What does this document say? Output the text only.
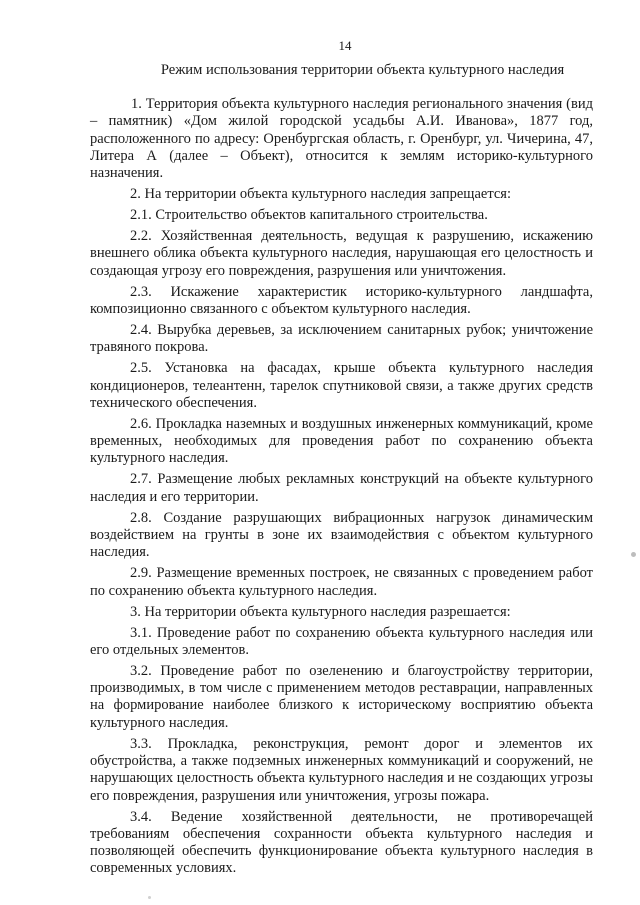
14
Режим использования территории объекта культурного наследия

1. Территория объекта культурного наследия регионального значения (вид – памятник) «Дом жилой городской усадьбы А.И. Иванова», 1877 год, расположенного по адресу: Оренбургская область, г. Оренбург, ул. Чичерина, 47, Литера А (далее – Объект), относится к землям историко-культурного назначения.

2. На территории объекта культурного наследия запрещается:

2.1. Строительство объектов капитального строительства.

2.2. Хозяйственная деятельность, ведущая к разрушению, искажению внешнего облика объекта культурного наследия, нарушающая его целостность и создающая угрозу его повреждения, разрушения или уничтожения.

2.3. Искажение характеристик историко-культурного ландшафта, композиционно связанного с объектом культурного наследия.

2.4. Вырубка деревьев, за исключением санитарных рубок; уничтожение травяного покрова.

2.5. Установка на фасадах, крыше объекта культурного наследия кондиционеров, телеантенн, тарелок спутниковой связи, а также других средств технического обеспечения.

2.6. Прокладка наземных и воздушных инженерных коммуникаций, кроме временных, необходимых для проведения работ по сохранению объекта культурного наследия.

2.7. Размещение любых рекламных конструкций на объекте культурного наследия и его территории.

2.8. Создание разрушающих вибрационных нагрузок динамическим воздействием на грунты в зоне их взаимодействия с объектом культурного наследия.

2.9. Размещение временных построек, не связанных с проведением работ по сохранению объекта культурного наследия.

3. На территории объекта культурного наследия разрешается:

3.1. Проведение работ по сохранению объекта культурного наследия или его отдельных элементов.

3.2. Проведение работ по озеленению и благоустройству территории, производимых, в том числе с применением методов реставрации, направленных на формирование наиболее близкого к историческому восприятию объекта культурного наследия.

3.3. Прокладка, реконструкция, ремонт дорог и элементов их обустройства, а также подземных инженерных коммуникаций и сооружений, не нарушающих целостность объекта культурного наследия и не создающих угрозы его повреждения, разрушения или уничтожения, угрозы пожара.

3.4. Ведение хозяйственной деятельности, не противоречащей требованиям обеспечения сохранности объекта культурного наследия и позволяющей обеспечить функционирование объекта культурного наследия в современных условиях.
